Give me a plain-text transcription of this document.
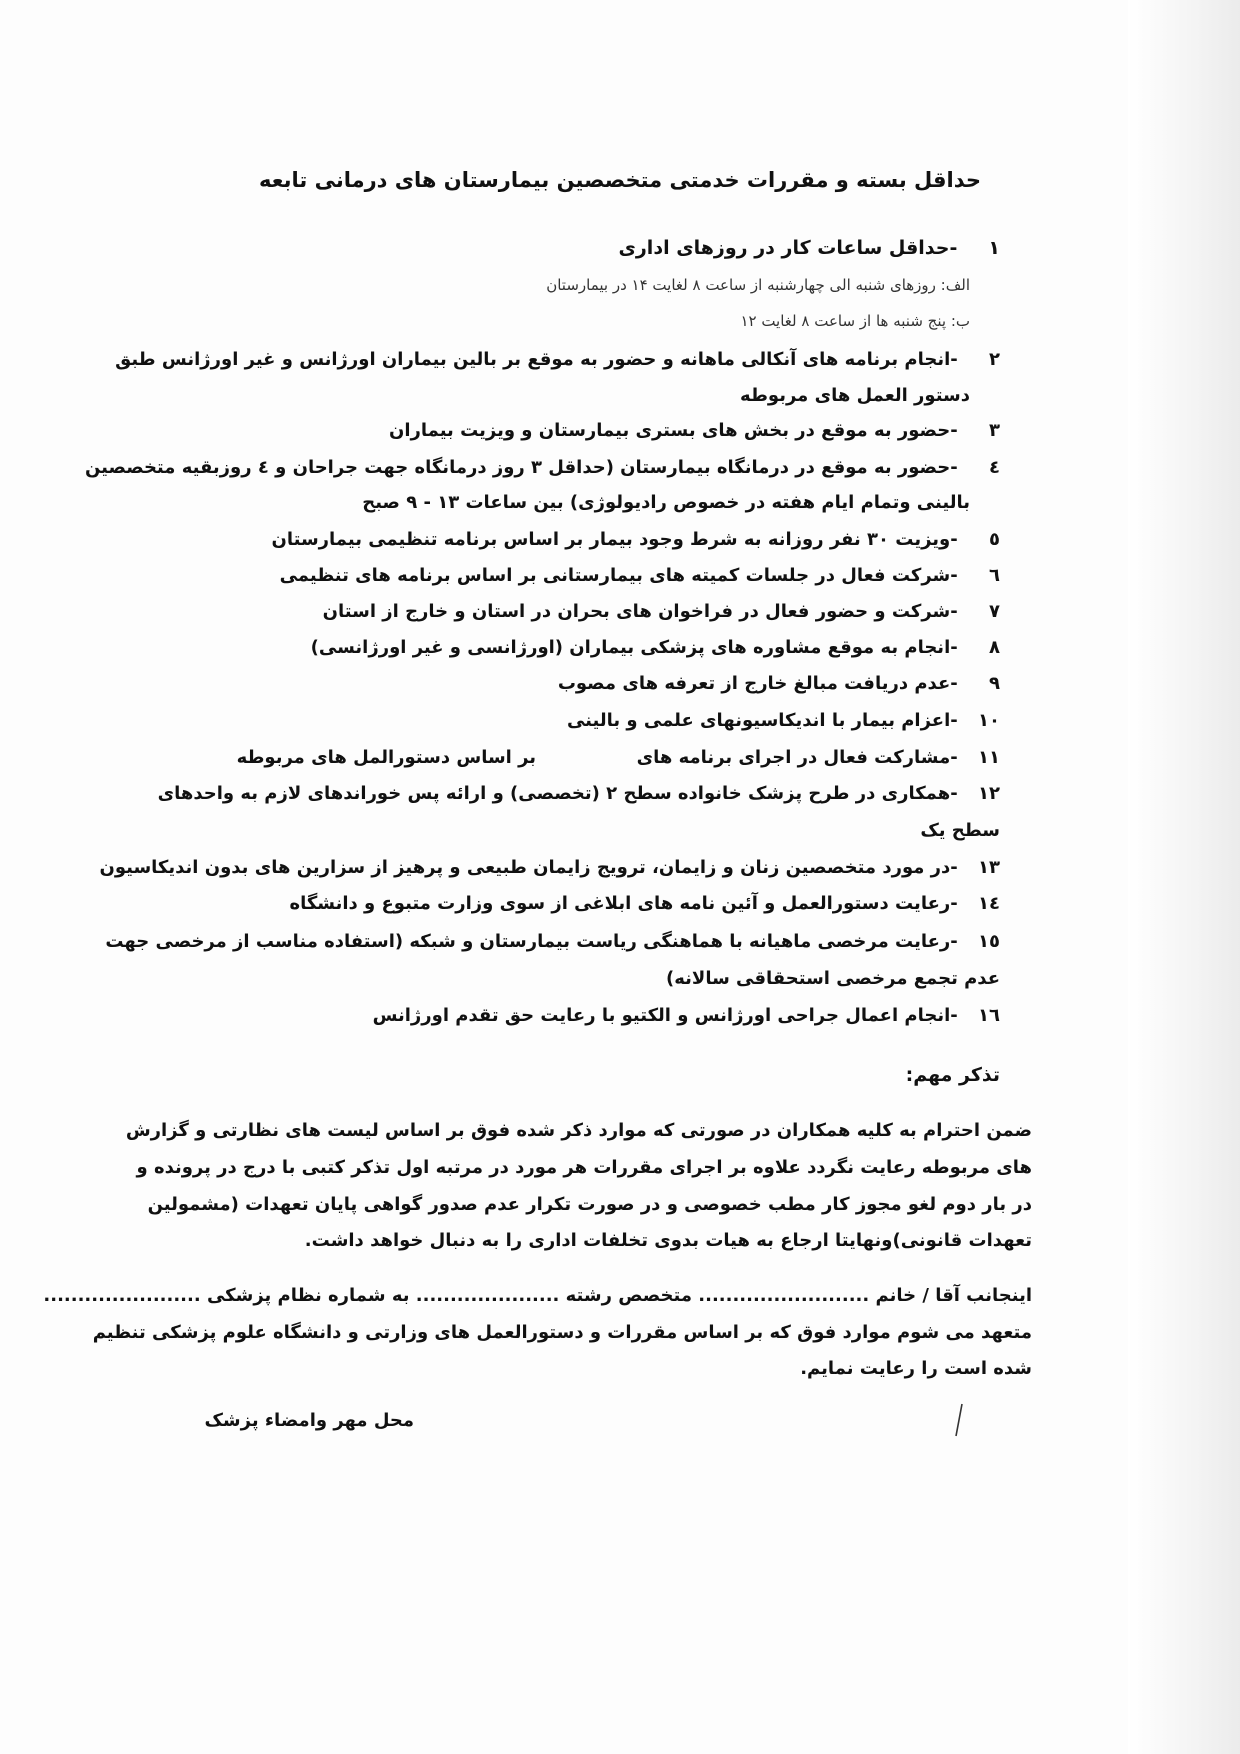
حداقل بسته و مقررات خدمتی متخصصین بیمارستان های درمانی تابعه
۱ -حداقل ساعات کار در روزهای اداری
الف: روزهای شنبه الی چهارشنبه از ساعت ۸ لغایت ۱۴ در بیمارستان
ب: پنج شنبه ها از ساعت ۸ لغایت ۱۲
۲ -انجام برنامه های آنکالی ماهانه و حضور به موقع بر بالین بیماران اورژانس و غیر اورژانس طبق
دستور العمل های مربوطه
۳ -حضور به موقع در بخش های بستری بیمارستان و ویزیت بیماران
٤ -حضور به موقع در درمانگاه بیمارستان (حداقل ۳ روز درمانگاه جهت جراحان و ٤ روزبقیه متخصصین
بالینی وتمام ایام هفته در خصوص رادیولوژی) بین ساعات ۱۳ - ۹ صبح
٥ -ویزیت ۳۰ نفر روزانه به شرط وجود بیمار بر اساس برنامه تنظیمی بیمارستان
٦ -شرکت فعال در جلسات کمیته های بیمارستانی بر اساس برنامه های تنظیمی
۷ -شرکت و حضور فعال در فراخوان های بحران در استان و خارج از استان
۸ -انجام به موقع مشاوره های پزشکی بیماران (اورژانسی و غیر اورژانسی)
۹ -عدم دریافت مبالغ خارج از تعرفه های مصوب
۱۰ -اعزام بیمار با اندیکاسیونهای علمی و بالینی
۱۱ -مشارکت فعال در اجرای برنامه های  بر اساس دستورالمل های مربوطه
۱۲ -همکاری در طرح پزشک خانواده سطح ۲ (تخصصی) و ارائه پس خوراندهای لازم به واحدهای
سطح یک
۱۳ -در مورد متخصصین زنان و زایمان، ترویج زایمان طبیعی و پرهیز از سزارین های بدون اندیکاسیون
١٤ -رعایت دستورالعمل و آئین نامه های ابلاغی از سوی وزارت متبوع و دانشگاه
١٥ -رعایت مرخصی ماهیانه با هماهنگی ریاست بیمارستان و شبکه (استفاده مناسب از مرخصی جهت
عدم تجمع مرخصی استحقاقی سالانه)
١٦ -انجام اعمال جراحی اورژانس و الکتیو با رعایت حق تقدم اورژانس
تذکر مهم:
ضمن احترام به کلیه همکاران در صورتی که موارد ذکر شده فوق بر اساس لیست های نظارتی و گزارش
های مربوطه رعایت نگردد علاوه بر اجرای مقررات هر مورد در مرتبه اول تذکر کتبی با درج در پرونده و
در بار دوم لغو مجوز کار مطب خصوصی و در صورت تکرار عدم صدور گواهی پایان تعهدات (مشمولین
تعهدات قانونی)ونهایتا ارجاع به هیات بدوی تخلفات اداری را به دنبال خواهد داشت.
اینجانب آقا / خانم ......................... متخصص رشته ..................... به شماره نظام پزشکی .......................
متعهد می شوم موارد فوق که بر اساس مقررات و دستورالعمل های وزارتی و دانشگاه علوم پزشکی تنظیم
شده است را رعایت نمایم.
محل مهر وامضاء پزشک
